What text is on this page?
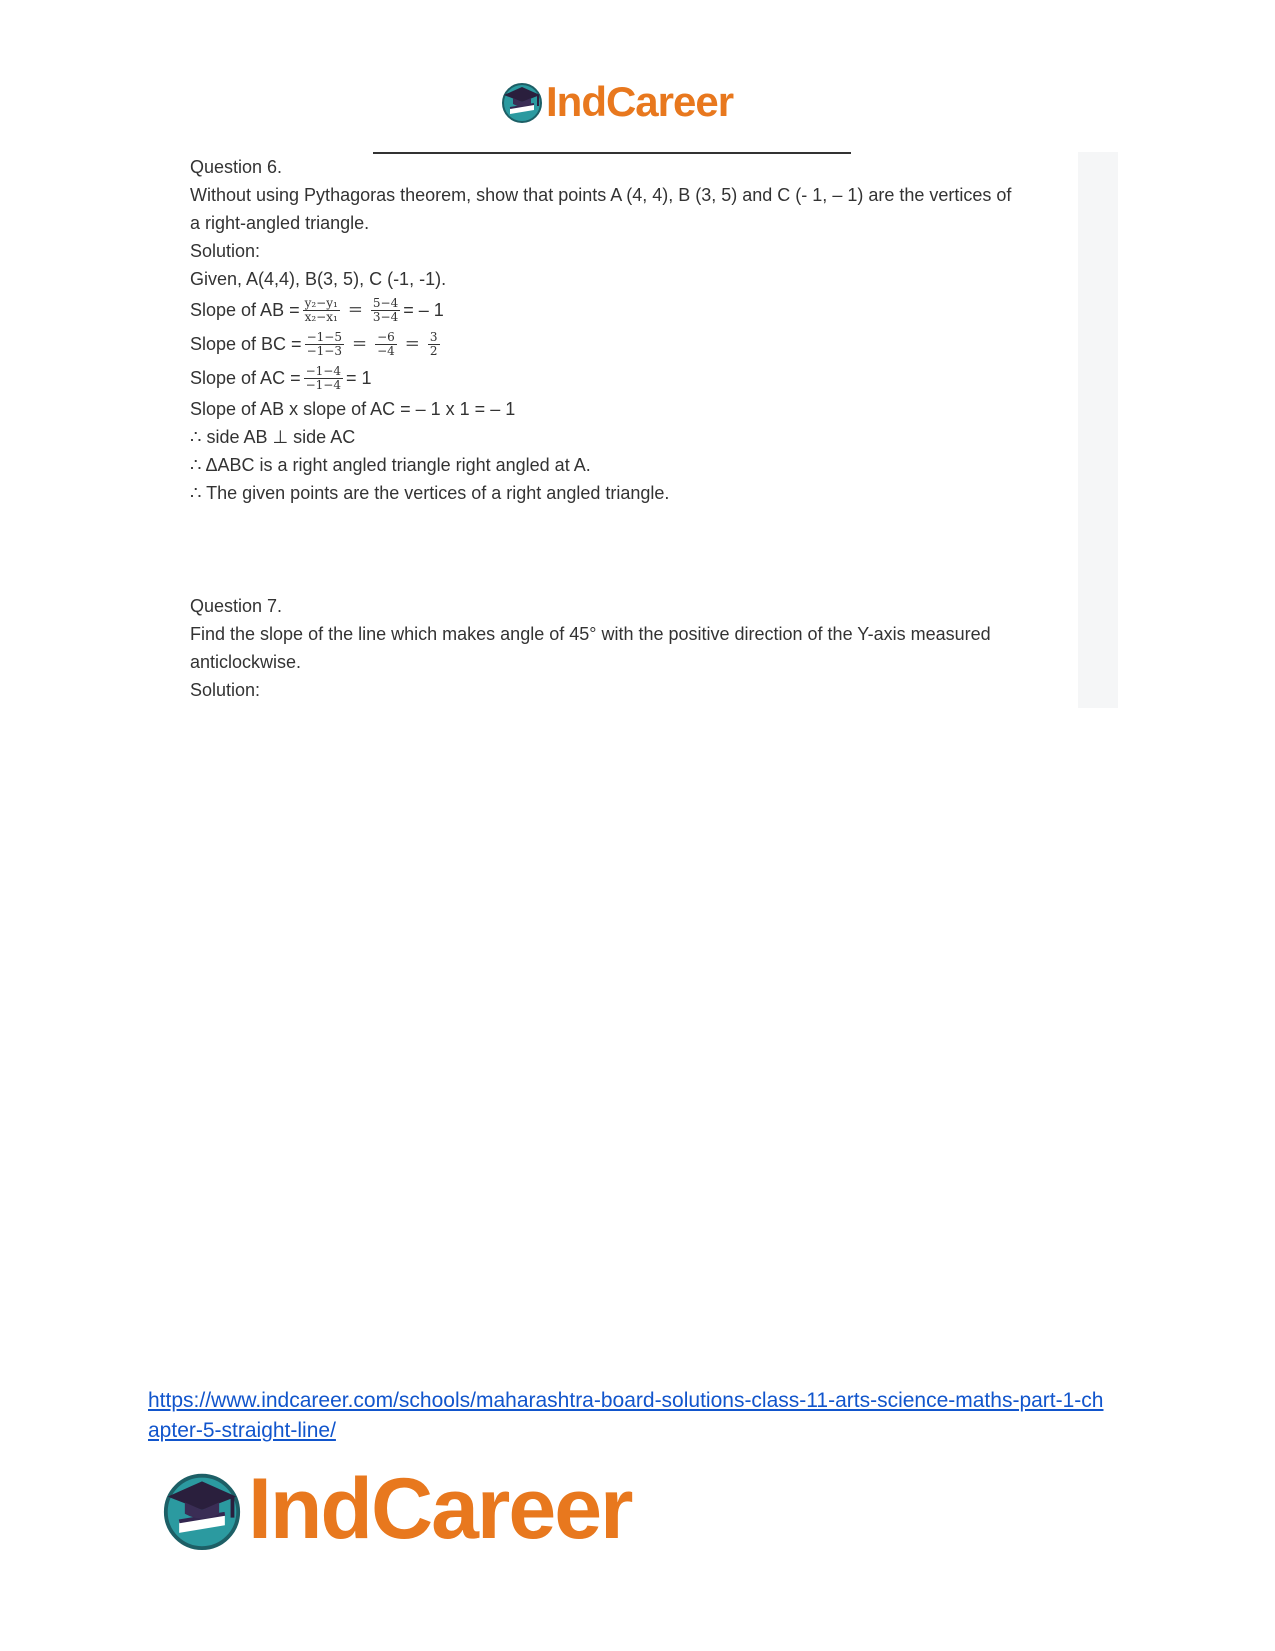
IndCareer
Question 6.
Without using Pythagoras theorem, show that points A (4, 4), B (3, 5) and C (- 1, – 1) are the vertices of a right-angled triangle.
Solution:
Given, A(4,4), B(3, 5), C (-1, -1).
Slope of AB = $\frac{\text{y₂−y₁}}{\text{x₂−x₁}} = \frac{5-4}{3-4}$ = – 1
Slope of BC = $\frac{-1-5}{-1-3} = \frac{-6}{-4} = \frac{3}{2}$
Slope of AC = $\frac{-1-4}{-1-4} = 1$
Slope of AB x slope of AC = – 1 x 1 = – 1
∴ side AB ⊥ side AC
∴ ΔABC is a right angled triangle right angled at A.
∴ The given points are the vertices of a right angled triangle.
Question 7.
Find the slope of the line which makes angle of 45° with the positive direction of the Y-axis measured anticlockwise.
Solution:
https://www.indcareer.com/schools/maharashtra-board-solutions-class-11-arts-science-maths-part-1-chapter-5-straight-line/
IndCareer
